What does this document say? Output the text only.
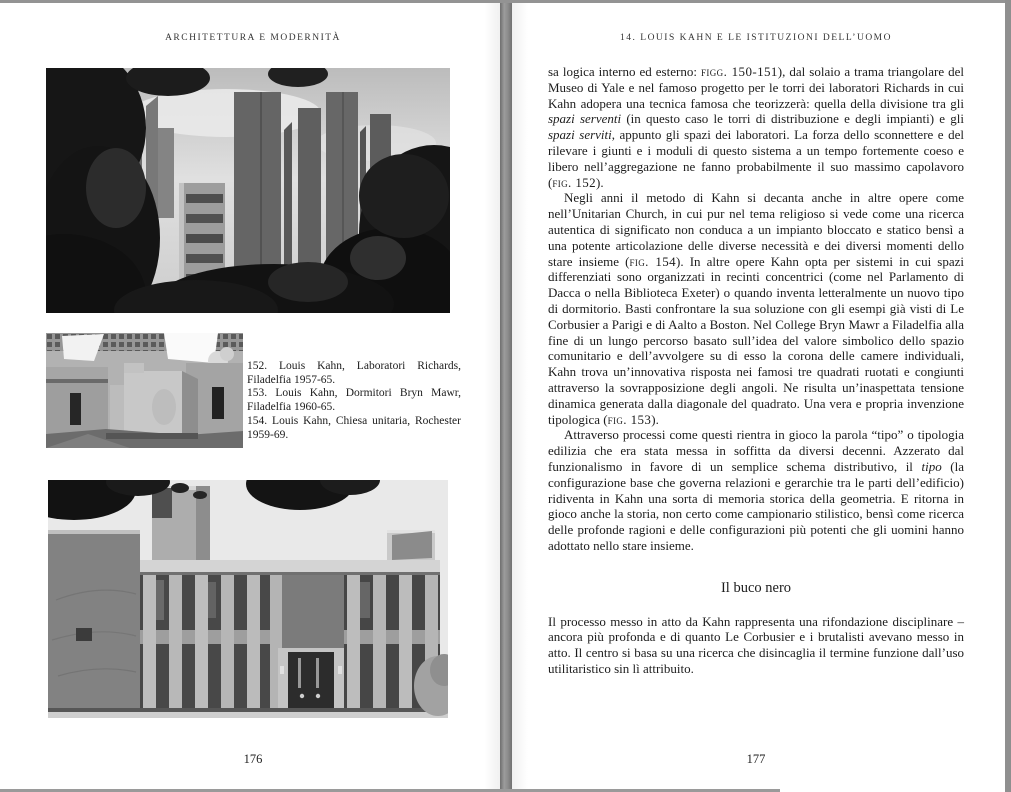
ARCHITETTURA E MODERNITÀ

152. Louis Kahn, Laboratori Richards, Filadelfia 1957-65.

153. Louis Kahn, Dormitori Bryn Mawr, Filadelfia 1960-65.

154. Louis Kahn, Chiesa unitaria, Rochester 1959-69.

176
14. LOUIS KAHN E LE ISTITUZIONI DELL’UOMO

sa logica interno ed esterno: figg. 150-151), dal solaio a trama triangolare del Museo di Yale e nel famoso progetto per le torri dei laboratori Richards in cui Kahn adopera una tecnica famosa che teorizzerà: quella della divisione tra gli spazi serventi (in questo caso le torri di distribuzione e degli impianti) e gli spazi serviti, appunto gli spazi dei laboratori. La forza dello sconnettere e del rilevare i giunti e i moduli di questo sistema a un tempo fortemente coeso e libero nell’aggregazione ne fanno probabilmente il suo massimo capolavoro (fig. 152).

Negli anni il metodo di Kahn si decanta anche in altre opere come nell’Unitarian Church, in cui pur nel tema religioso si vede come una ricerca autentica di significato non conduca a un impianto bloccato e statico bensì a una potente articolazione delle diverse necessità e dei diversi momenti dello stare insieme (fig. 154). In altre opere Kahn opta per sistemi in cui spazi differenziati sono organizzati in recinti concentrici (come nel Parlamento di Dacca o nella Biblioteca Exeter) o quando inventa letteralmente un nuovo tipo di dormitorio. Basti confrontare la sua soluzione con gli esempi già visti di Le Corbusier a Parigi e di Aalto a Boston. Nel College Bryn Mawr a Filadelfia alla fine di un lungo percorso basato sull’idea del valore simbolico dello spazio comunitario e dell’avvolgere su di esso la corona delle camere individuali, Kahn trova un’innovativa risposta nei famosi tre quadrati ruotati e congiunti attraverso la sovrapposizione degli angoli. Ne risulta un’inaspettata tensione dinamica generata dalla diagonale del quadrato. Una vera e propria invenzione tipologica (fig. 153).

Attraverso processi come questi rientra in gioco la parola “tipo” o tipologia edilizia che era stata messa in soffitta da diversi decenni. Azzerato dal funzionalismo in favore di un semplice schema distributivo, il tipo (la configurazione base che governa relazioni e gerarchie tra le parti dell’edificio) ridiventa in Kahn una sorta di memoria storica della geometria. E ritorna in gioco anche la storia, non certo come campionario stilistico, bensì come ricerca delle profonde ragioni e delle configurazioni più potenti che gli uomini hanno adottato nello stare insieme.

Il buco nero

Il processo messo in atto da Kahn rappresenta una rifondazione disciplinare – ancora più profonda e di quanto Le Corbusier e i brutalisti avevano messo in atto. Il centro si basa su una ricerca che disincaglia il termine funzione dall’uso utilitaristico sin lì attribuito.

177
